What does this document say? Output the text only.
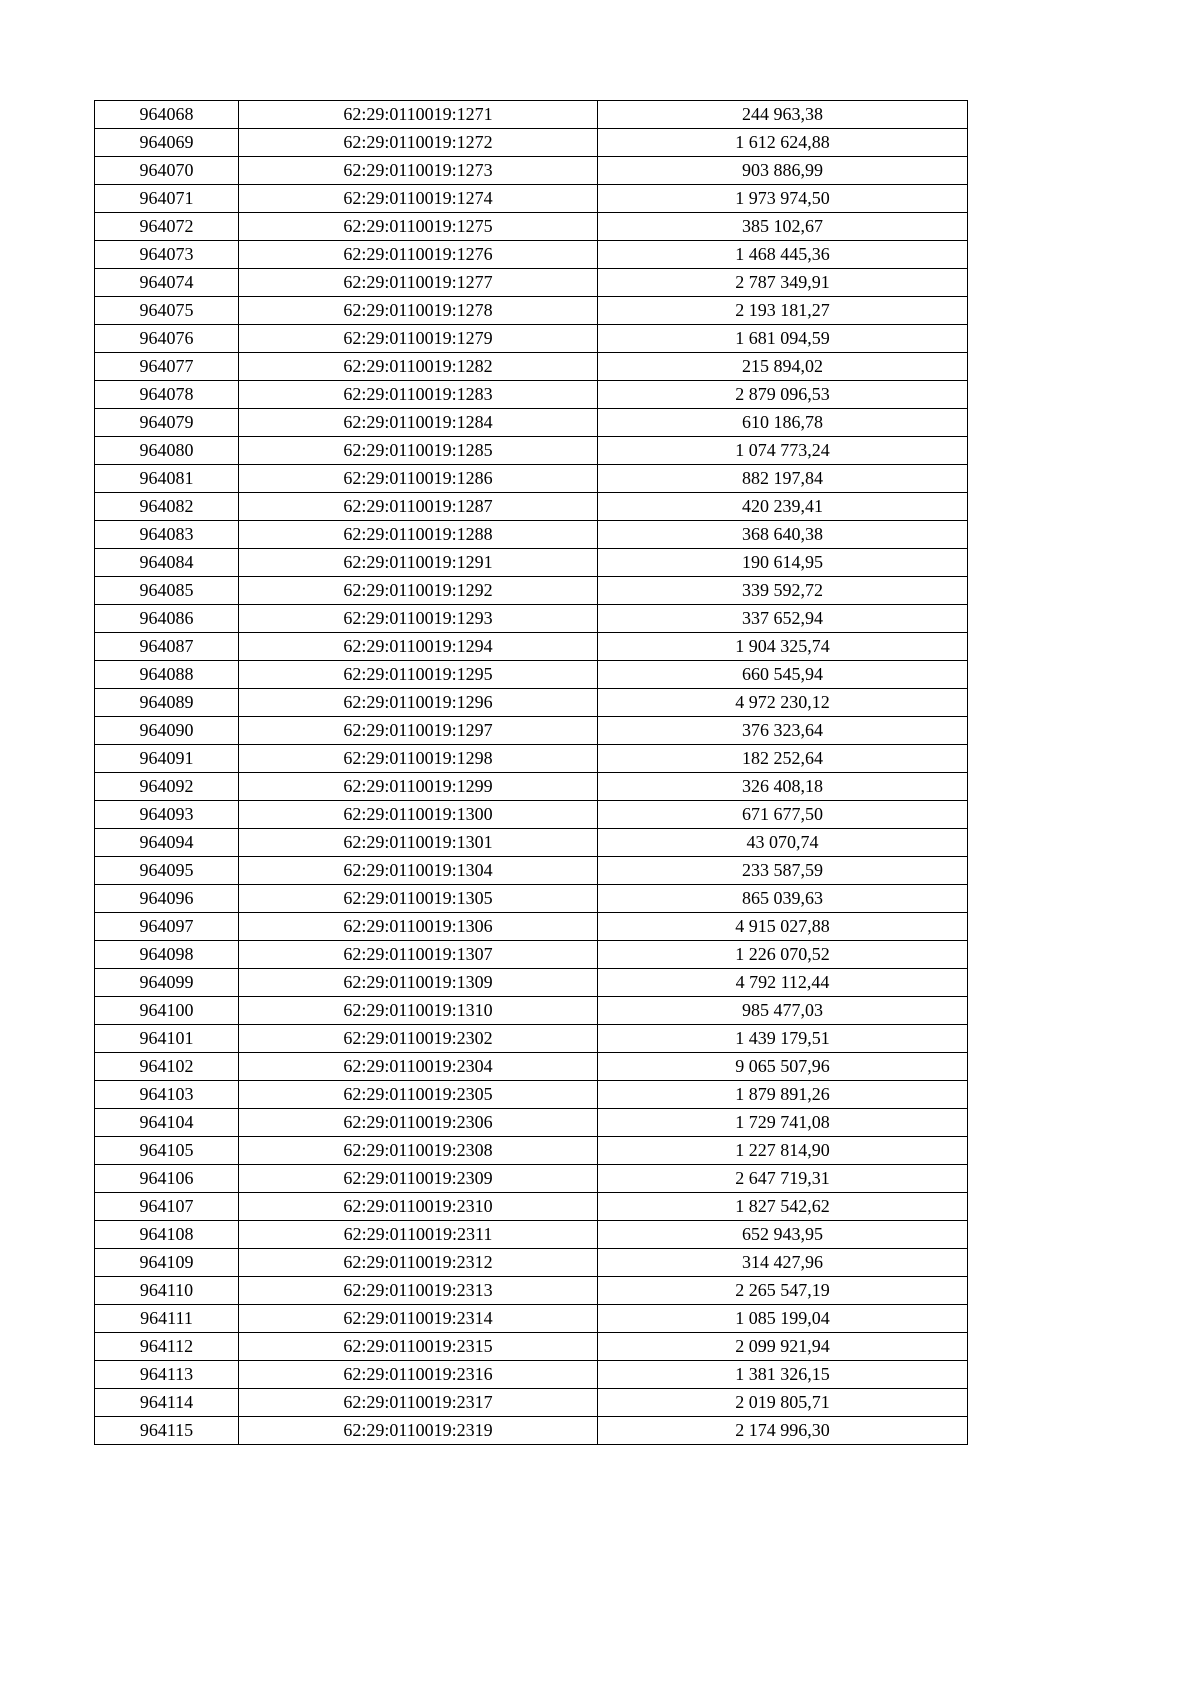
964068	62:29:0110019:1271	244 963,38
964069	62:29:0110019:1272	1 612 624,88
964070	62:29:0110019:1273	903 886,99
964071	62:29:0110019:1274	1 973 974,50
964072	62:29:0110019:1275	385 102,67
964073	62:29:0110019:1276	1 468 445,36
964074	62:29:0110019:1277	2 787 349,91
964075	62:29:0110019:1278	2 193 181,27
964076	62:29:0110019:1279	1 681 094,59
964077	62:29:0110019:1282	215 894,02
964078	62:29:0110019:1283	2 879 096,53
964079	62:29:0110019:1284	610 186,78
964080	62:29:0110019:1285	1 074 773,24
964081	62:29:0110019:1286	882 197,84
964082	62:29:0110019:1287	420 239,41
964083	62:29:0110019:1288	368 640,38
964084	62:29:0110019:1291	190 614,95
964085	62:29:0110019:1292	339 592,72
964086	62:29:0110019:1293	337 652,94
964087	62:29:0110019:1294	1 904 325,74
964088	62:29:0110019:1295	660 545,94
964089	62:29:0110019:1296	4 972 230,12
964090	62:29:0110019:1297	376 323,64
964091	62:29:0110019:1298	182 252,64
964092	62:29:0110019:1299	326 408,18
964093	62:29:0110019:1300	671 677,50
964094	62:29:0110019:1301	43 070,74
964095	62:29:0110019:1304	233 587,59
964096	62:29:0110019:1305	865 039,63
964097	62:29:0110019:1306	4 915 027,88
964098	62:29:0110019:1307	1 226 070,52
964099	62:29:0110019:1309	4 792 112,44
964100	62:29:0110019:1310	985 477,03
964101	62:29:0110019:2302	1 439 179,51
964102	62:29:0110019:2304	9 065 507,96
964103	62:29:0110019:2305	1 879 891,26
964104	62:29:0110019:2306	1 729 741,08
964105	62:29:0110019:2308	1 227 814,90
964106	62:29:0110019:2309	2 647 719,31
964107	62:29:0110019:2310	1 827 542,62
964108	62:29:0110019:2311	652 943,95
964109	62:29:0110019:2312	314 427,96
964110	62:29:0110019:2313	2 265 547,19
964111	62:29:0110019:2314	1 085 199,04
964112	62:29:0110019:2315	2 099 921,94
964113	62:29:0110019:2316	1 381 326,15
964114	62:29:0110019:2317	2 019 805,71
964115	62:29:0110019:2319	2 174 996,30
